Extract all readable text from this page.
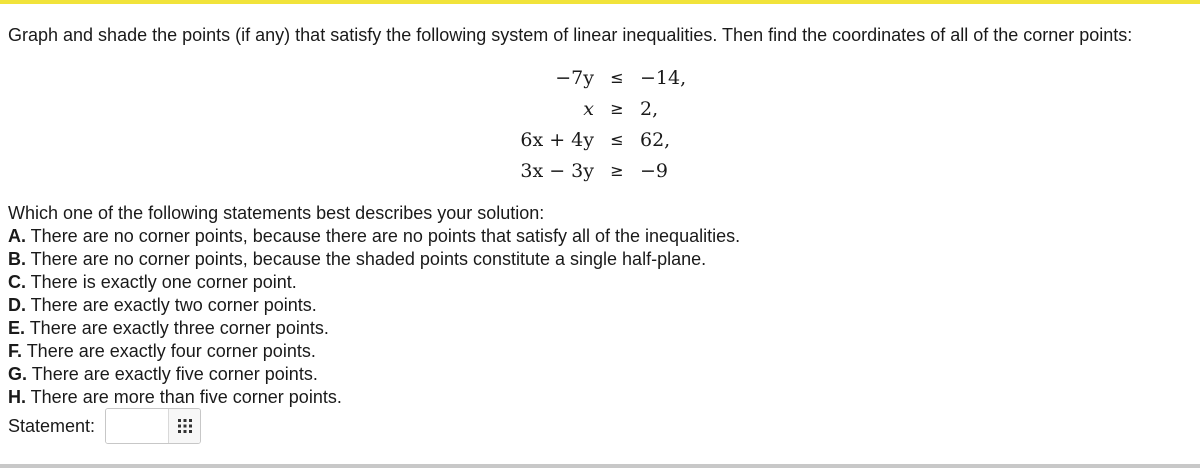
Graph and shade the points (if any) that satisfy the following system of linear inequalities. Then find the coordinates of all of the corner points:
−7y	≤ −14,
x	≥ 2,
6x + 4y	≤ 62,
3x − 3y	≥ −9
Which one of the following statements best describes your solution:
A. There are no corner points, because there are no points that satisfy all of the inequalities.
B. There are no corner points, because the shaded points constitute a single half-plane.
C. There is exactly one corner point.
D. There are exactly two corner points.
E. There are exactly three corner points.
F. There are exactly four corner points.
G. There are exactly five corner points.
H. There are more than five corner points.
Statement:
